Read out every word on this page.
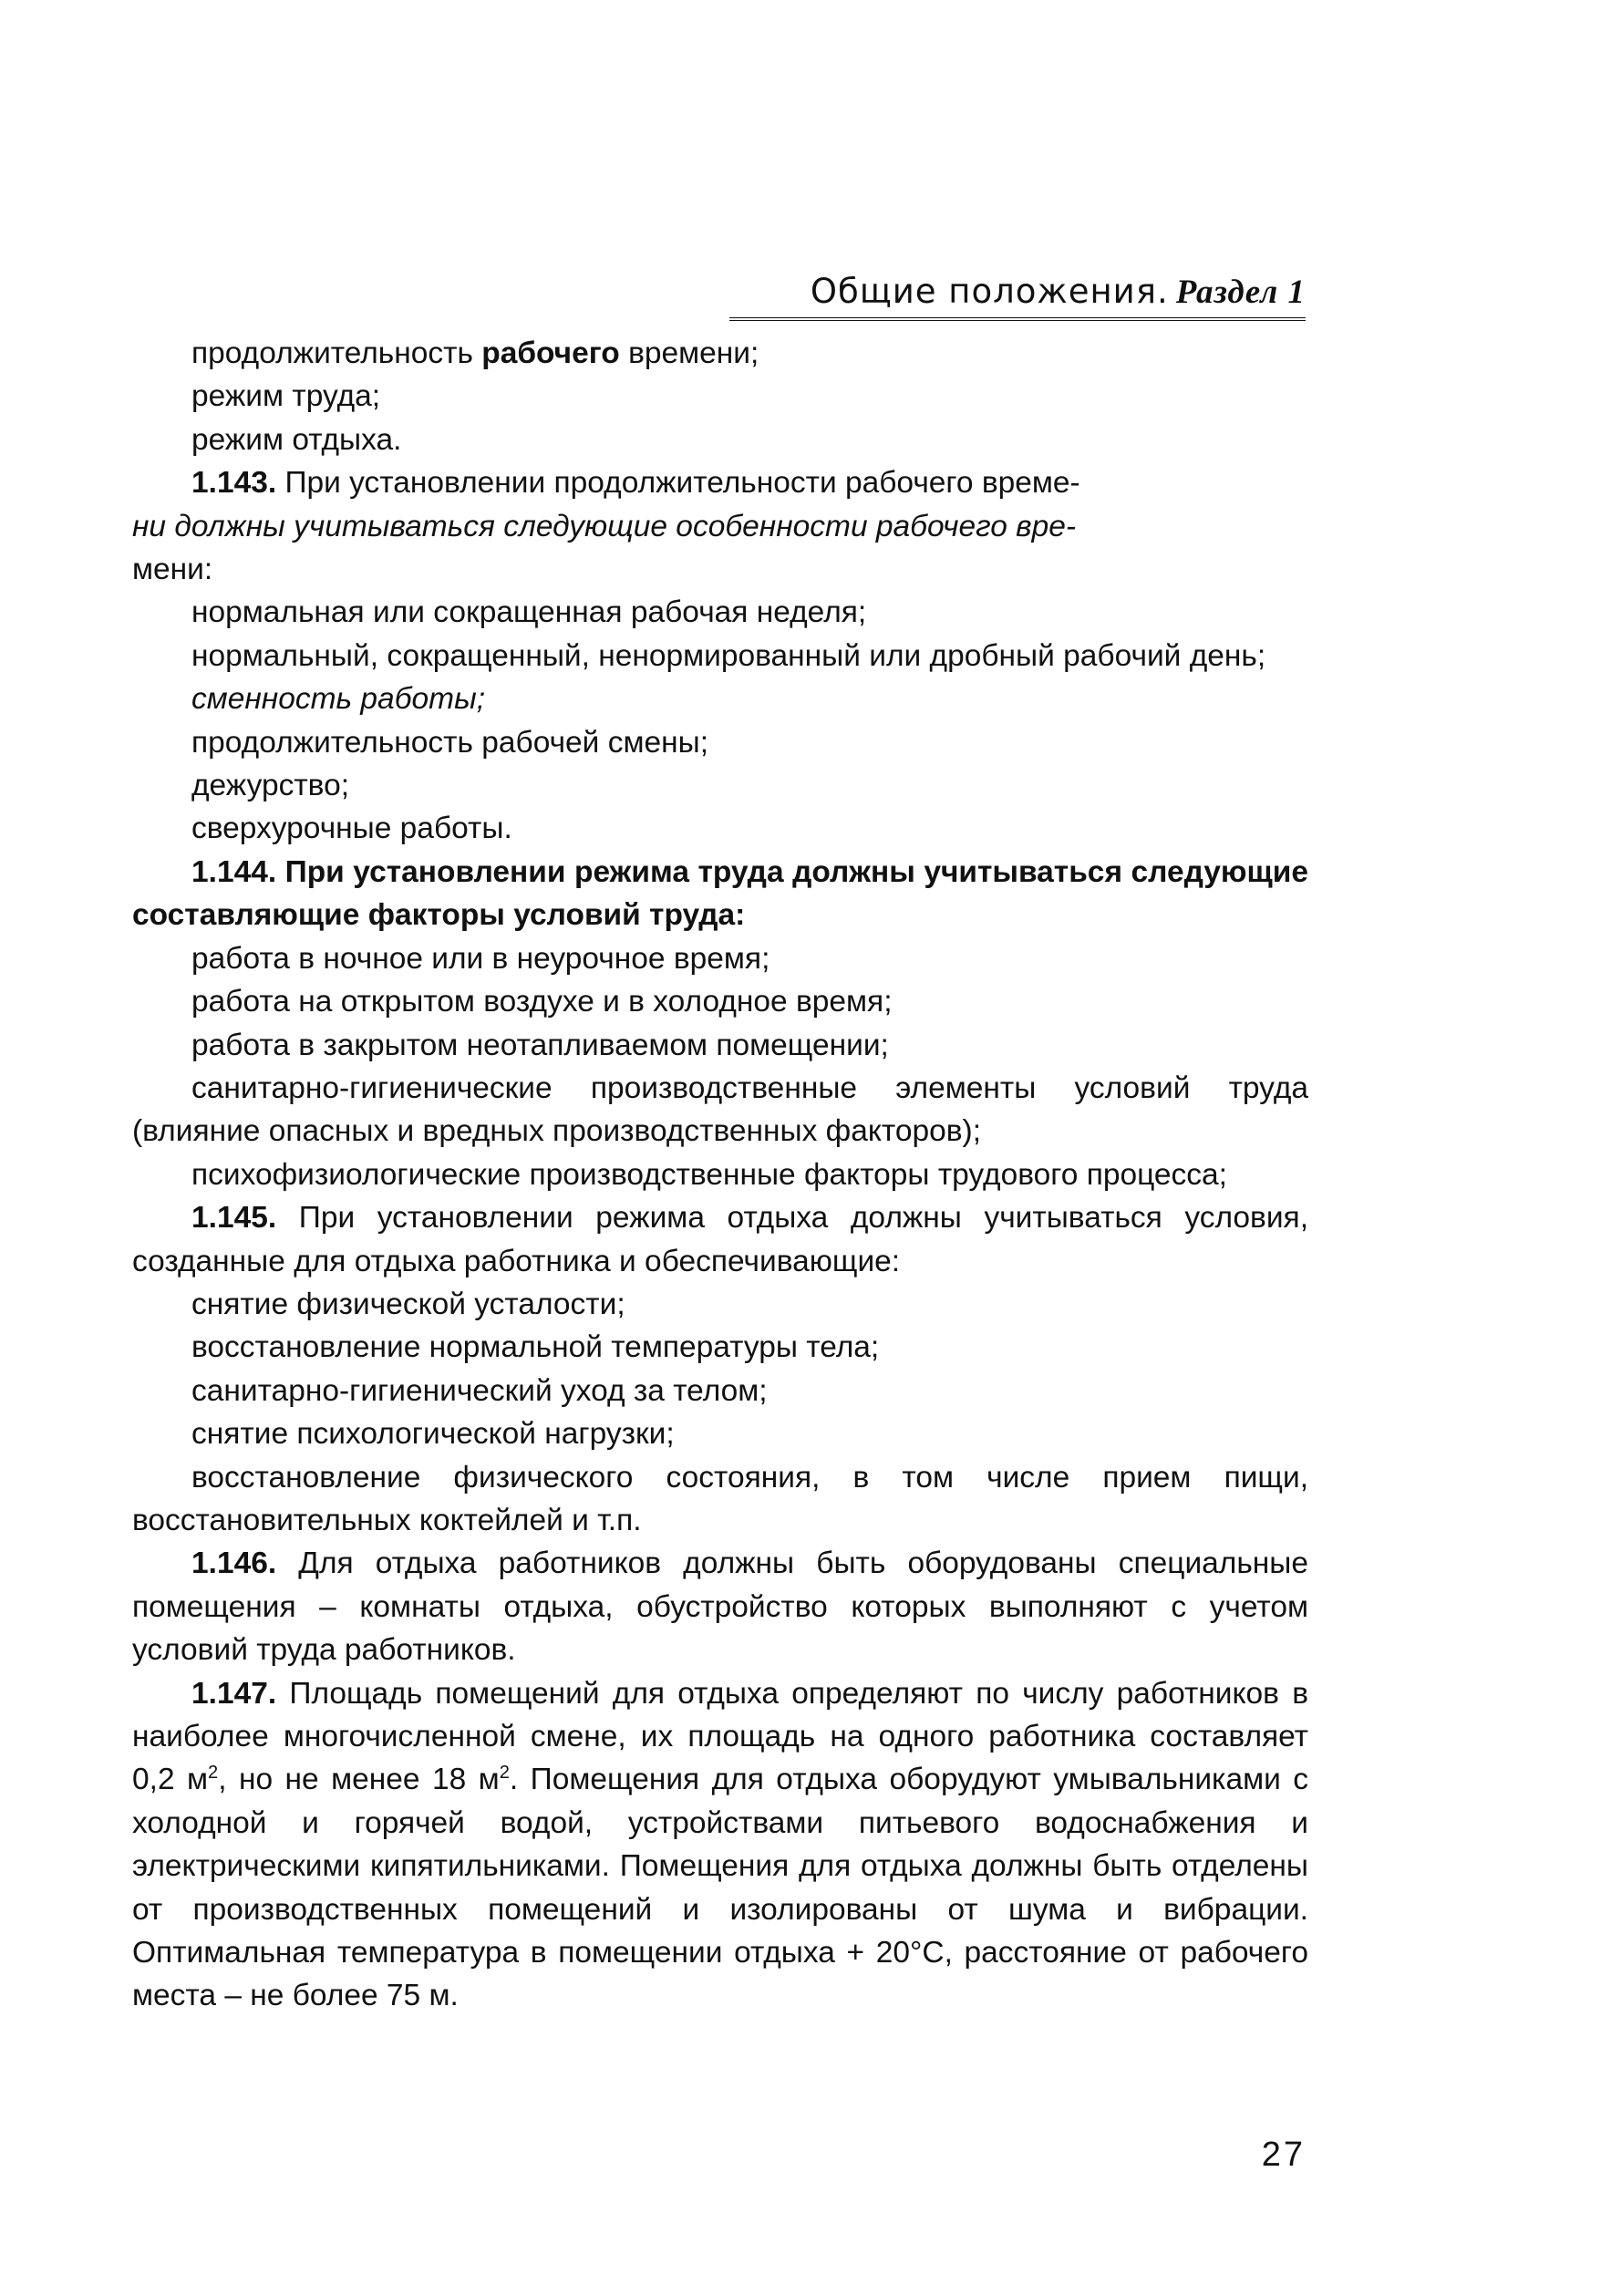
Общие положения. Раздел 1

продолжительность рабочего времени;

режим труда;

режим отдыха.

1.143. При установлении продолжительности рабочего време-
ни должны учитываться следующие особенности рабочего вре-
мени:

нормальная или сокращенная рабочая неделя;

нормальный, сокращенный, ненормированный или дробный рабочий день;

сменность работы;

продолжительность рабочей смены;

дежурство;

сверхурочные работы.

1.144. При установлении режима труда должны учитываться следующие составляющие факторы условий труда:

работа в ночное или в неурочное время;

работа на открытом воздухе и в холодное время;

работа в закрытом неотапливаемом помещении;

санитарно-гигиенические производственные элементы условий труда (влияние опасных и вредных производственных факторов);

психофизиологические производственные факторы трудового процесса;

1.145. При установлении режима отдыха должны учитываться условия, созданные для отдыха работника и обеспечивающие:

снятие физической усталости;

восстановление нормальной температуры тела;

санитарно-гигиенический уход за телом;

снятие психологической нагрузки;

восстановление физического состояния, в том числе прием пищи, восстановительных коктейлей и т.п.

1.146. Для отдыха работников должны быть оборудованы специальные помещения – комнаты отдыха, обустройство которых выполняют с учетом условий труда работников.

1.147. Площадь помещений для отдыха определяют по числу работников в наиболее многочисленной смене, их площадь на одного работника составляет 0,2 $м^2$, но не менее 18 $м^2$. Помещения для отдыха оборудуют умывальниками с холодной и горячей водой, устройствами питьевого водоснабжения и электрическими кипятильниками. Помещения для отдыха должны быть отделены от производственных помещений и изолированы от шума и вибрации. Оптимальная температура в помещении отдыха + 20°С, расстояние от рабочего места – не более 75 м.

27
